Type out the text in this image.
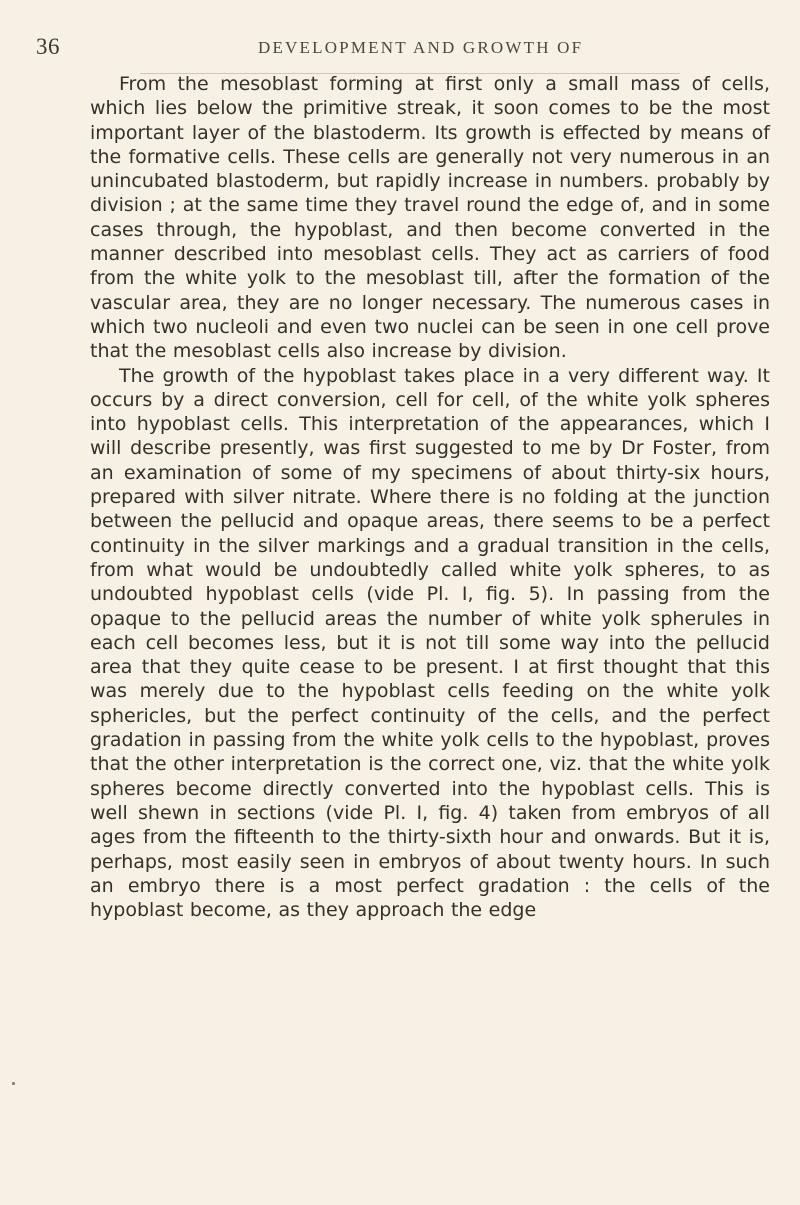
36	DEVELOPMENT AND GROWTH OF

From the mesoblast forming at first only a small mass of cells, which lies below the primitive streak, it soon comes to be the most important layer of the blastoderm. Its growth is effected by means of the formative cells. These cells are generally not very numerous in an unincubated blastoderm, but rapidly increase in numbers. probably by division ; at the same time they travel round the edge of, and in some cases through, the hypoblast, and then become converted in the manner described into mesoblast cells. They act as carriers of food from the white yolk to the mesoblast till, after the formation of the vascular area, they are no longer necessary. The numerous cases in which two nucleoli and even two nuclei can be seen in one cell prove that the mesoblast cells also increase by division.

The growth of the hypoblast takes place in a very different way. It occurs by a direct conversion, cell for cell, of the white yolk spheres into hypoblast cells. This interpretation of the appearances, which I will describe presently, was first suggested to me by Dr Foster, from an examination of some of my specimens of about thirty-six hours, prepared with silver nitrate. Where there is no folding at the junction between the pellucid and opaque areas, there seems to be a perfect continuity in the silver markings and a gradual transition in the cells, from what would be undoubtedly called white yolk spheres, to as undoubted hypoblast cells (vide Pl. I, fig. 5). In passing from the opaque to the pellucid areas the number of white yolk spherules in each cell becomes less, but it is not till some way into the pellucid area that they quite cease to be present. I at first thought that this was merely due to the hypoblast cells feeding on the white yolk sphericles, but the perfect continuity of the cells, and the perfect gradation in passing from the white yolk cells to the hypoblast, proves that the other interpretation is the correct one, viz. that the white yolk spheres become directly converted into the hypoblast cells. This is well shewn in sections (vide Pl. I, fig. 4) taken from embryos of all ages from the fifteenth to the thirty-sixth hour and onwards. But it is, perhaps, most easily seen in embryos of about twenty hours. In such an embryo there is a most perfect gradation : the cells of the hypoblast become, as they approach the edge
